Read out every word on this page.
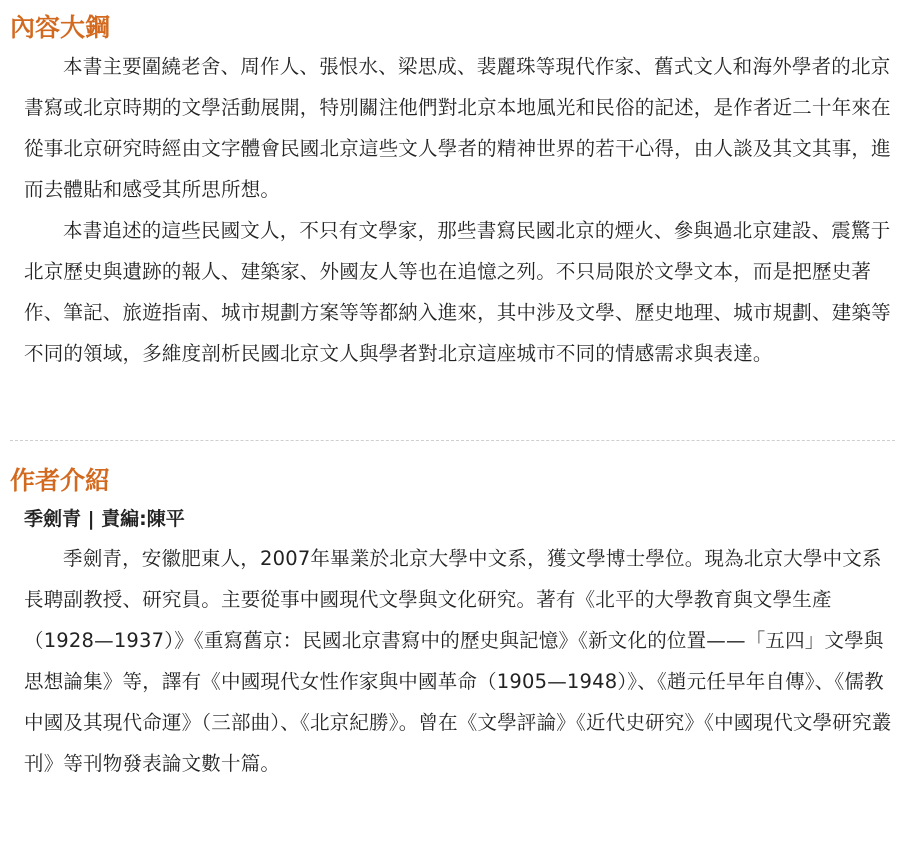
內容大鋼

本書主要圍繞老舍、周作人、張恨水、梁思成、裴麗珠等現代作家、舊式文人和海外學者的北京書寫或北京時期的文學活動展開，特別關注他們對北京本地風光和民俗的記述，是作者近二十年來在從事北京研究時經由文字體會民國北京這些文人學者的精神世界的若干心得，由人談及其文其事，進而去體貼和感受其所思所想。

本書追述的這些民國文人，不只有文學家，那些書寫民國北京的煙火、參與過北京建設、震驚于北京歷史與遺跡的報人、建築家、外國友人等也在追憶之列。不只局限於文學文本，而是把歷史著作、筆記、旅遊指南、城市規劃方案等等都納入進來，其中涉及文學、歷史地理、城市規劃、建築等不同的領域，多維度剖析民國北京文人與學者對北京這座城市不同的情感需求與表達。

作者介紹
季劍青 | 責編:陳平

季劍青，安徽肥東人，2007年畢業於北京大學中文系，獲文學博士學位。現為北京大學中文系長聘副教授、研究員。主要從事中國現代文學與文化研究。著有《北平的大學教育與文學生產（1928—1937）》《重寫舊京：民國北京書寫中的歷史與記憶》《新文化的位置——「五四」文學與思想論集》等，譯有《中國現代女性作家與中國革命（1905—1948）》、《趙元任早年自傳》、《儒教中國及其現代命運》（三部曲）、《北京紀勝》。曾在《文學評論》《近代史研究》《中國現代文學研究叢刊》等刊物發表論文數十篇。
